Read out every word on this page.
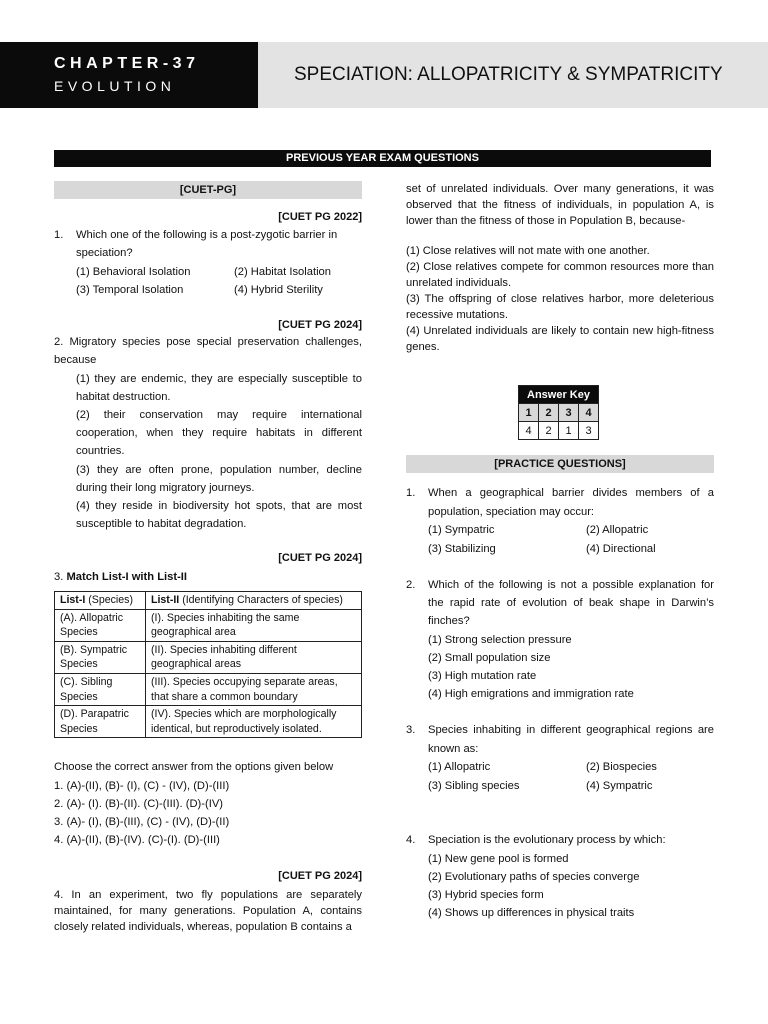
CHAPTER-37
EVOLUTION
SPECIATION: ALLOPATRICITY & SYMPATRICITY
PREVIOUS YEAR EXAM QUESTIONS
[CUET-PG]
[CUET PG 2022]
1.	Which one of the following is a post-zygotic barrier in speciation?
(1) Behavioral Isolation	(2) Habitat Isolation
(3) Temporal Isolation	(4) Hybrid Sterility
[CUET PG 2024]
2. Migratory species pose special preservation challenges, because
(1) they are endemic, they are especially susceptible to habitat destruction.
(2) their conservation may require international cooperation, when they require habitats in different countries.
(3) they are often prone, population number, decline during their long migratory journeys.
(4) they reside in biodiversity hot spots, that are most susceptible to habitat degradation.
[CUET PG 2024]
3. Match List-I with List-II
List-I (Species)	List-II (Identifying Characters of species)
(A). Allopatric Species	(I). Species inhabiting the same geographical area
(B). Sympatric Species	(II). Species inhabiting different geographical areas
(C). Sibling Species	(III). Species occupying separate areas, that share a common boundary
(D). Parapatric Species	(IV). Species which are morphologically identical, but reproductively isolated.
Choose the correct answer from the options given below
1. (A)-(II), (B)- (I), (C) - (IV), (D)-(III)
2. (A)- (I). (B)-(II). (C)-(III). (D)-(IV)
3. (A)- (I), (B)-(III), (C) - (IV), (D)-(II)
4. (A)-(II), (B)-(IV). (C)-(I). (D)-(III)
[CUET PG 2024]
4. In an experiment, two fly populations are separately maintained, for many generations. Population A, contains closely related individuals, whereas, population B contains a
set of unrelated individuals. Over many generations, it was observed that the fitness of individuals, in population A, is lower than the fitness of those in Population B, because-
(1) Close relatives will not mate with one another.
(2) Close relatives compete for common resources more than unrelated individuals.
(3) The offspring of close relatives harbor, more deleterious recessive mutations.
(4) Unrelated individuals are likely to contain new high-fitness genes.
Answer Key			
1	2	3	4
4	2	1	3
[PRACTICE QUESTIONS]
1.	When a geographical barrier divides members of a population, speciation may occur:
(1) Sympatric	(2) Allopatric
(3) Stabilizing	(4) Directional
2.	Which of the following is not a possible explanation for the rapid rate of evolution of beak shape in Darwin’s finches?
(1) Strong selection pressure
(2) Small population size
(3) High mutation rate
(4) High emigrations and immigration rate
3.	Species inhabiting in different geographical regions are known as:
(1) Allopatric	(2) Biospecies
(3) Sibling species	(4) Sympatric
4.	Speciation is the evolutionary process by which:
(1) New gene pool is formed
(2) Evolutionary paths of species converge
(3) Hybrid species form
(4) Shows up differences in physical traits
